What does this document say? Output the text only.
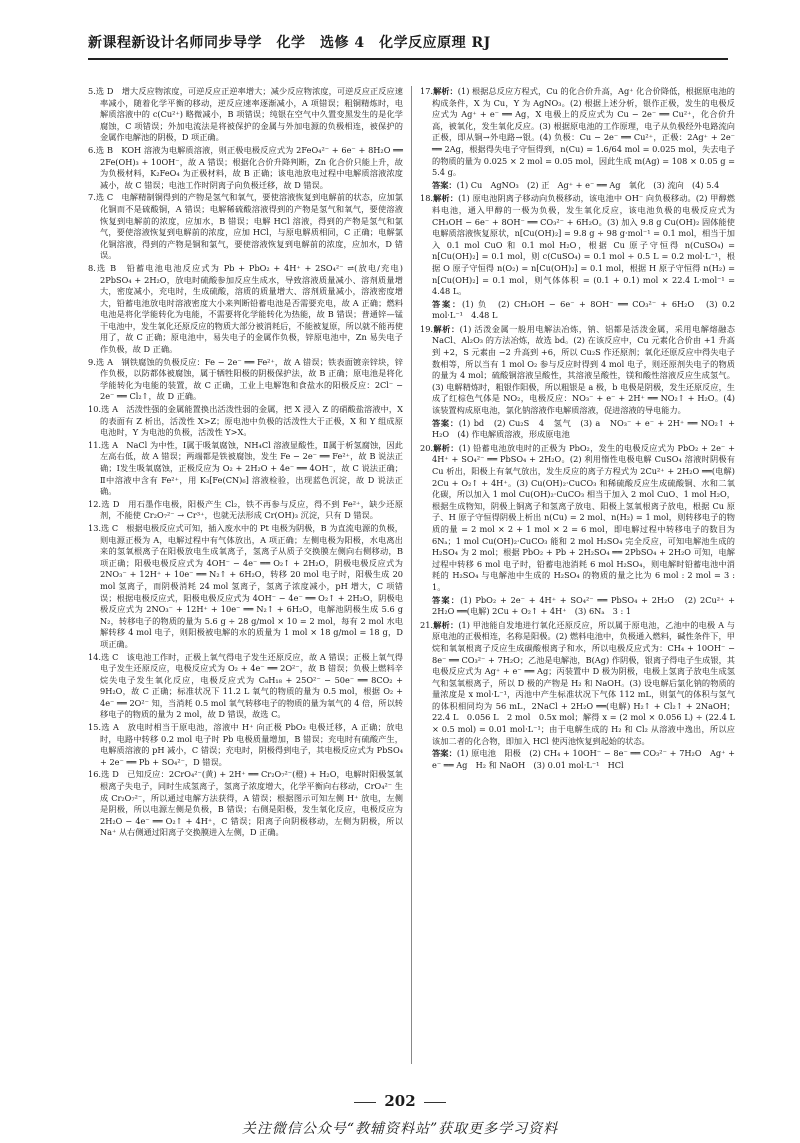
新课程新设计名师同步导学　化学　选修 4　化学反应原理 RJ
5.选 D　增大反应物浓度，可逆反应正逆率增大；减少反应物浓度，可逆反应正反应速率减小，随着化学平衡的移动，逆反应速率逐渐减小，A 项错误；粗铜精炼时，电解质溶液中的 c(Cu²⁺) 略微减小，B 项错误；纯银在空气中久置变黑发生的是化学腐蚀，C 项错误；外加电流法是将被保护的金属与外加电源的负极相连，被保护的金属作电解池的阴极，D 项正确。
6.选 B　KOH 溶液为电解质溶液，则正极电极反应式为 2FeO₄²⁻ + 6e⁻ + 8H₂O ══ 2Fe(OH)₃ + 10OH⁻，故 A 错误；根据化合价升降判断，Zn 化合价只能上升，故为负极材料，K₂FeO₄ 为正极材料，故 B 正确；该电池放电过程中电解质溶液浓度减小，故 C 错误；电池工作时阴离子向负极迁移，故 D 错误。
7.选 C　电解精制铜得到的产物是氢气和氧气，要使溶液恢复到电解前的状态，应加氯化铜而不是硫酸铜，A 错误；电解稀硫酸溶液得到的产物是氢气和氧气，要使溶液恢复到电解前的浓度，应加水，B 错误；电解 HCl 溶液，得到的产物是氢气和氯气，要使溶液恢复到电解前的浓度，应加 HCl，与原电解质相同，C 正确；电解氯化铜溶液，得到的产物是铜和氯气，要使溶液恢复到电解前的浓度，应加水，D 错误。
8.选 B　铅蓄电池电池反应式为 Pb + PbO₂ + 4H⁺ + 2SO₄²⁻ ⇌(放电/充电) 2PbSO₄ + 2H₂O，放电时硫酸参加反应生成水，导致溶液质量减小、溶剂质量增大，密度减小，充电时，生成硫酸，溶质的质量增大、溶剂质量减小，溶液密度增大，铅蓄电池放电时溶液密度大小来判断铅蓄电池是否需要充电，故 A 正确；燃料电池是将化学能转化为电能，不需要将化学能转化为热能，故 B 错误；普通锌—锰干电池中，发生氧化还原反应的物质大部分被消耗后，不能被复原，所以就不能再使用了，故 C 正确；原电池中，易失电子的金属作负极，锌原电池中，Zn 易失电子作负极，故 D 正确。
9.选 A　钢铁腐蚀的负极反应：Fe − 2e⁻ ══ Fe²⁺，故 A 错误；铁表面镀亲锌块，锌作负极，以防都体被腐蚀，属于牺牲阳极的阴极保护法，故 B 正确；原电池是将化学能转化为电能的装置，故 C 正确，工业上电解饱和食盐水的阳极反应：2Cl⁻ − 2e⁻ ══ Cl₂↑，故 D 正确。
10.选 A　活泼性强的金属能置换出活泼性弱的金属，把 X 浸入 Z 的硝酸盐溶液中，X 的表面有 Z 析出，活泼性 X>Z；原电池中负极的活泼性大于正极，X 和 Y 组成原电池时，Y 为电池的负极，活泼性 Y>X。
11.选 A　NaCl 为中性，Ⅰ属于吸氧腐蚀，NH₄Cl 溶液显酸性，Ⅱ属于析氢腐蚀，因此左高右低，故 A 错误；两端都是铁被腐蚀，发生 Fe − 2e⁻ ══ Fe²⁺，故 B 说法正确；Ⅰ发生吸氧腐蚀，正极反应为 O₂ + 2H₂O + 4e⁻ ══ 4OH⁻，故 C 说法正确；Ⅱ中溶液中含有 Fe²⁺，用 K₃[Fe(CN)₆] 溶液检验，出现蓝色沉淀，故 D 说法正确。
12.选 D　用石墨作电极，阳极产生 Cl₂，铁不再参与反应，得不到 Fe²⁺，缺少还原剂，不能使 Cr₂O₇²⁻ → Cr³⁺，也就无法形成 Cr(OH)₃ 沉淀，只有 D 错误。
13.选 C　根据电极反应式可知，插入废水中的 Pt 电极为阴极，B 为直流电源的负极，则电源正极为 A，电解过程中有气体放出，A 项正确；左侧电极为阳极，水电离出来的氢氧根离子在阳极放电生成氧离子，氢离子从质子交换膜左侧向右侧移动，B 项正确；阳极电极反应式为 4OH⁻ − 4e⁻ ══ O₂↑ + 2H₂O，阴极电极反应式为 2NO₃⁻ + 12H⁺ + 10e⁻ ══ N₂↑ + 6H₂O，转移 20 mol 电子时，阳极生成 20 mol 氢离子，而阴极消耗 24 mol 氢离子，氢离子浓度减小，pH 增大，C 项错误；根据电极反应式，阳极电极反应式为 4OH⁻ − 4e⁻ ══ O₂↑ + 2H₂O，阴极电极反应式为 2NO₃⁻ + 12H⁺ + 10e⁻ ══ N₂↑ + 6H₂O，电解池阴极生成 5.6 g N₂，转移电子的物质的量为 5.6 g ÷ 28 g/mol × 10 = 2 mol，每有 2 mol 水电解转移 4 mol 电子，则阳极被电解的水的质量为 1 mol × 18 g/mol = 18 g，D 项正确。
14.选 C　该电池工作时，正极上氧气得电子发生还原反应，故 A 错误；正极上氧气得电子发生还原反应，电极反应式为 O₂ + 4e⁻ ══ 2O²⁻，故 B 错误；负极上燃料辛烷失电子发生氧化反应，电极反应式为 C₈H₁₈ + 25O²⁻ − 50e⁻ ══ 8CO₂ + 9H₂O，故 C 正确；标准状况下 11.2 L 氧气的物质的量为 0.5 mol，根据 O₂ + 4e⁻ ══ 2O²⁻ 知，当消耗 0.5 mol 氧气转移电子的物质的量为氧气的 4 倍，所以转移电子的物质的量为 2 mol，故 D 错误，故选 C。
15.选 A　放电时相当于原电池，溶液中 H⁺ 向正极 PbO₂ 电极迁移，A 正确；放电时，电路中转移 0.2 mol 电子时 Pb 电极质量增加，B 错误；充电时有硫酸产生，电解质溶液的 pH 减小，C 错误；充电时，阴极得到电子，其电极反应式为 PbSO₄ + 2e⁻ ══ Pb + SO₄²⁻，D 错误。
16.选 D　已知反应：2CrO₄²⁻(黄) + 2H⁺ ══ Cr₂O₇²⁻(橙) + H₂O，电解时阳极氢氧根离子失电子，同时生成氢离子，氢离子浓度增大，化学平衡向右移动，CrO₄²⁻ 生成 Cr₂O₇²⁻，所以通过电解方法获得，A 错误；根据图示可知左侧 H⁺ 放电，左侧是阴极，所以电源左侧是负极，B 错误；右侧是阳极，发生氧化反应，电极反应为 2H₂O − 4e⁻ ══ O₂↑ + 4H⁺，C 错误；阳离子向阴极移动，左侧为阴极，所以 Na⁺ 从右侧通过阳离子交换膜进入左侧，D 正确。
17.解析：(1) 根据总反应方程式，Cu 的化合价升高，Ag⁺ 化合价降低，根据原电池的构成条件，X 为 Cu，Y 为 AgNO₃。(2) 根据上述分析，银作正极，发生的电极反应式为 Ag⁺ + e⁻ ══ Ag，X 电极上的反应式为 Cu − 2e⁻ ══ Cu²⁺，化合价升高，被氧化，发生氧化反应。(3) 根据原电池的工作原理，电子从负极经外电路流向正极，即从铜→外电路→银。(4) 负极：Cu − 2e⁻ ══ Cu²⁺，正极：2Ag⁺ + 2e⁻ ══ 2Ag，根据得失电子守恒得到，n(Cu) = 1.6/64 mol = 0.025 mol，失去电子的物质的量为 0.025 × 2 mol = 0.05 mol，因此生成 m(Ag) = 108 × 0.05 g = 5.4 g。
答案：(1) Cu　AgNO₃　(2) 正　Ag⁺ + e⁻ ══ Ag　氧化　(3) 流向　(4) 5.4
18.解析：(1) 原电池阴离子移动向负极移动，该电池中 OH⁻ 向负极移动。(2) 甲醇燃料电池，通入甲醇的一极为负极，发生氧化反应，该电池负极的电极反应式为 CH₃OH − 6e⁻ + 8OH⁻ ══ CO₃²⁻ + 6H₂O。(3) 加入 9.8 g Cu(OH)₂ 固体能使电解质溶液恢复原状，n[Cu(OH)₂] = 9.8 g ÷ 98 g·mol⁻¹ = 0.1 mol，相当于加入 0.1 mol CuO 和 0.1 mol H₂O，根据 Cu 原子守恒得 n(CuSO₄) = n[Cu(OH)₂] = 0.1 mol，则 c(CuSO₄) = 0.1 mol ÷ 0.5 L = 0.2 mol·L⁻¹，根据 O 原子守恒得 n(O₂) = n[Cu(OH)₂] = 0.1 mol，根据 H 原子守恒得 n(H₂) = n[Cu(OH)₂] = 0.1 mol，则气体体积 = (0.1 + 0.1) mol × 22.4 L·mol⁻¹ = 4.48 L。
答案：(1) 负　(2) CH₃OH − 6e⁻ + 8OH⁻ ══ CO₃²⁻ + 6H₂O　(3) 0.2 mol·L⁻¹　4.48 L
19.解析：(1) 活泼金属一般用电解法冶炼，钠、铝都是活泼金属，采用电解熔融态 NaCl、Al₂O₃ 的方法冶炼，故选 bd。(2) 在该反应中，Cu 元素化合价由 +1 升高到 +2，S 元素由 −2 升高到 +6，所以 Cu₂S 作还原剂；氧化还原反应中得失电子数相等，所以当有 1 mol O₂ 参与反应时得到 4 mol 电子，则还原剂失电子的物质的量为 4 mol；硫酸铜溶液呈酸性，其溶液呈酸性，镁和酸性溶液反应生成氢气。(3) 电解精炼时，粗银作阳极，所以粗银是 a 极，b 电极是阴极，发生还原反应，生成了红棕色气体是 NO₂，电极反应：NO₃⁻ + e⁻ + 2H⁺ ══ NO₂↑ + H₂O。(4) 该装置构成原电池，氯化钠溶液作电解质溶液，促进溶液的导电能力。
答案：(1) bd　(2) Cu₂S　4　氢气　(3) a　NO₃⁻ + e⁻ + 2H⁺ ══ NO₂↑ + H₂O　(4) 作电解质溶液，形成原电池
20.解析：(1) 铅蓄电池放电时的正极为 PbO₂，发生的电极反应式为 PbO₂ + 2e⁻ + 4H⁺ + SO₄²⁻ ══ PbSO₄ + 2H₂O。(2) 利用惰性电极电解 CuSO₄ 溶液时阴极有 Cu 析出，阳极上有氧气放出，发生反应的离子方程式为 2Cu²⁺ + 2H₂O ══(电解) 2Cu + O₂↑ + 4H⁺。(3) Cu(OH)₂·CuCO₃ 和稀硫酸反应生成硫酸铜、水和二氧化碳，所以加入 1 mol Cu(OH)₂·CuCO₃ 相当于加入 2 mol CuO、1 mol H₂O，根据生成物知，阴极上铜离子和氢离子放电、阳极上氢氧根离子放电，根据 Cu 原子、H 原子守恒得阴极上析出 n(Cu) = 2 mol、n(H₂) = 1 mol，则转移电子的物质的量 = 2 mol × 2 + 1 mol × 2 = 6 mol，即电解过程中转移电子的数目为 6Nₐ；1 mol Cu(OH)₂·CuCO₃ 能和 2 mol H₂SO₄ 完全反应，可知电解池生成的 H₂SO₄ 为 2 mol；根据 PbO₂ + Pb + 2H₂SO₄ ══ 2PbSO₄ + 2H₂O 可知，电解过程中转移 6 mol 电子时，铅蓄电池消耗 6 mol H₂SO₄，则电解时铅蓄电池中消耗的 H₂SO₄ 与电解池中生成的 H₂SO₄ 的物质的量之比为 6 mol : 2 mol = 3 : 1。
答案：(1) PbO₂ + 2e⁻ + 4H⁺ + SO₄²⁻ ══ PbSO₄ + 2H₂O　(2) 2Cu²⁺ + 2H₂O ══(电解) 2Cu + O₂↑ + 4H⁺　(3) 6Nₐ　3 : 1
21.解析：(1) 甲池能自发地进行氧化还原反应，所以属于原电池，乙池中的电极 A 与原电池的正极相连，名称是阳极。(2) 燃料电池中，负极通入燃料，碱性条件下，甲烷和氧氧根离子反应生成碳酸根离子和水，所以电极反应式为：CH₄ + 10OH⁻ − 8e⁻ ══ CO₃²⁻ + 7H₂O；乙池是电解池，B(Ag) 作阴极，银离子得电子生成银，其电极反应式为 Ag⁺ + e⁻ ══ Ag；丙装置中 D 极为阴极，电极上氢离子放电生成氢气和氢氧根离子，所以 D 极的产物是 H₂ 和 NaOH。(3) 设电解后氯化钠的物质的量浓度是 x mol·L⁻¹，丙池中产生标准状况下气体 112 mL，则氯气的体积与氢气的体积相同均为 56 mL，2NaCl + 2H₂O ══(电解) H₂↑ + Cl₂↑ + 2NaOH；22.4 L　0.056 L　2 mol　0.5x mol；解得 x = (2 mol × 0.056 L) ÷ (22.4 L × 0.5 mol) = 0.01 mol·L⁻¹；由于电解生成的 H₂ 和 Cl₂ 从溶液中逸出，所以应该加二者的化合物，即加入 HCl 使丙池恢复到起始的状态。
答案：(1) 原电池　阳极　(2) CH₄ + 10OH⁻ − 8e⁻ ══ CO₃²⁻ + 7H₂O　Ag⁺ + e⁻ ══ Ag　H₂ 和 NaOH　(3) 0.01 mol·L⁻¹　HCl
202
关注微信公众号“教辅资料站”获取更多学习资料
